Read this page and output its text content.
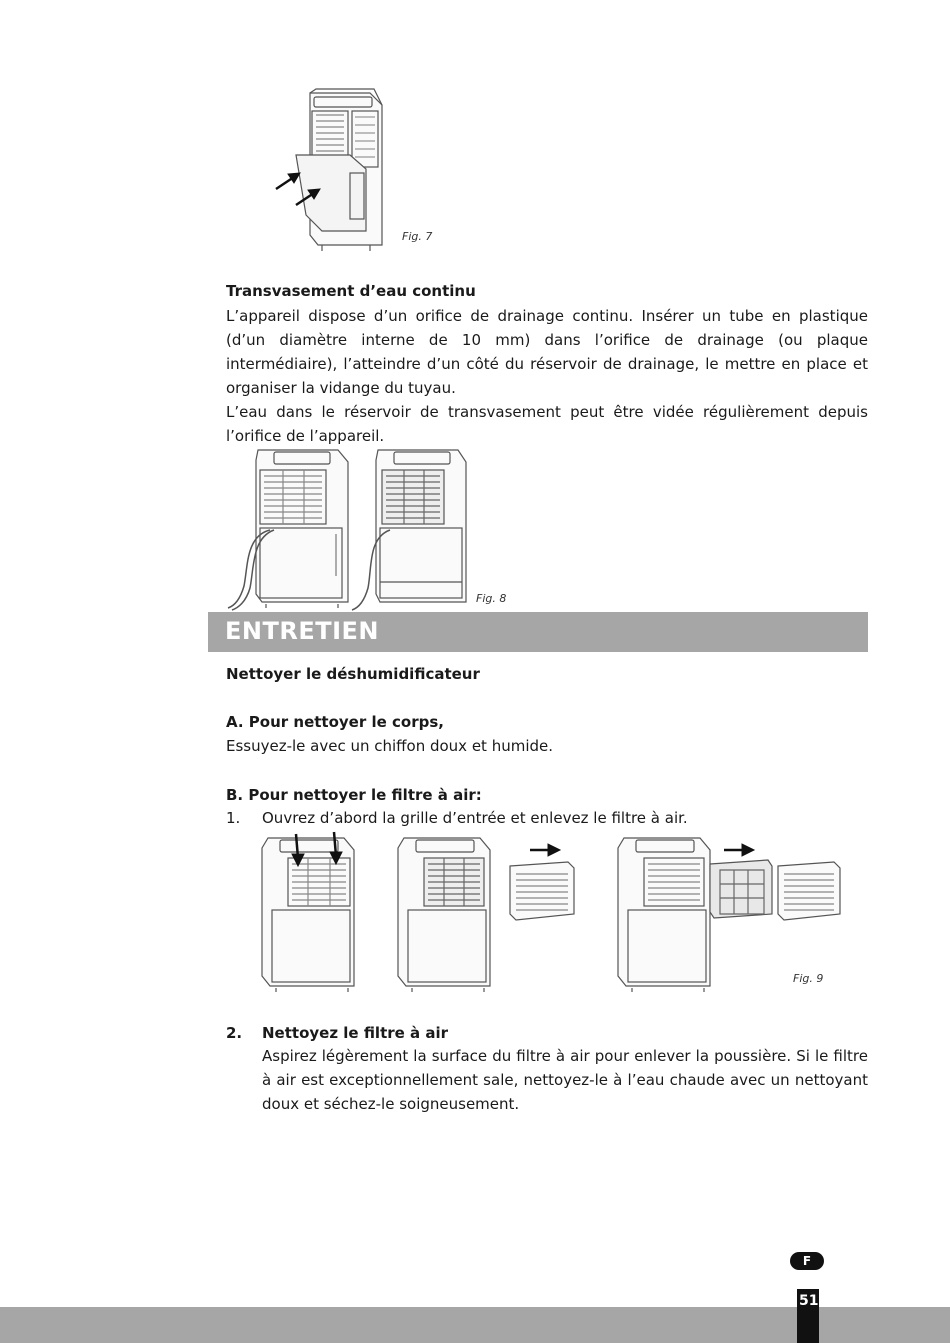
Fig. 7
Transvasement d’eau continu
L’appareil dispose d’un orifice de drainage continu. Insérer un tube en plastique (d’un diamètre interne de 10 mm) dans l’orifice de drainage (ou plaque intermédiaire), l’atteindre d’un côté du réservoir de drainage, le mettre en place et organiser la vidange du tuyau.
L’eau dans le réservoir de transvasement peut être vidée régulièrement depuis l’orifice de l’appareil.
Fig. 8
ENTRETIEN
Nettoyer le déshumidificateur
A. Pour nettoyer le corps,
Essuyez-le avec un chiffon doux et humide.
B. Pour nettoyer le filtre à air:
1. Ouvrez d’abord la grille d’entrée et enlevez le filtre à air.
Fig. 9
2. Nettoyez le filtre à air
Aspirez légèrement la surface du filtre à air pour enlever la poussière. Si le filtre à air est exceptionnellement sale, nettoyez-le à l’eau chaude avec un nettoyant doux et séchez-le soigneusement.
F
51
